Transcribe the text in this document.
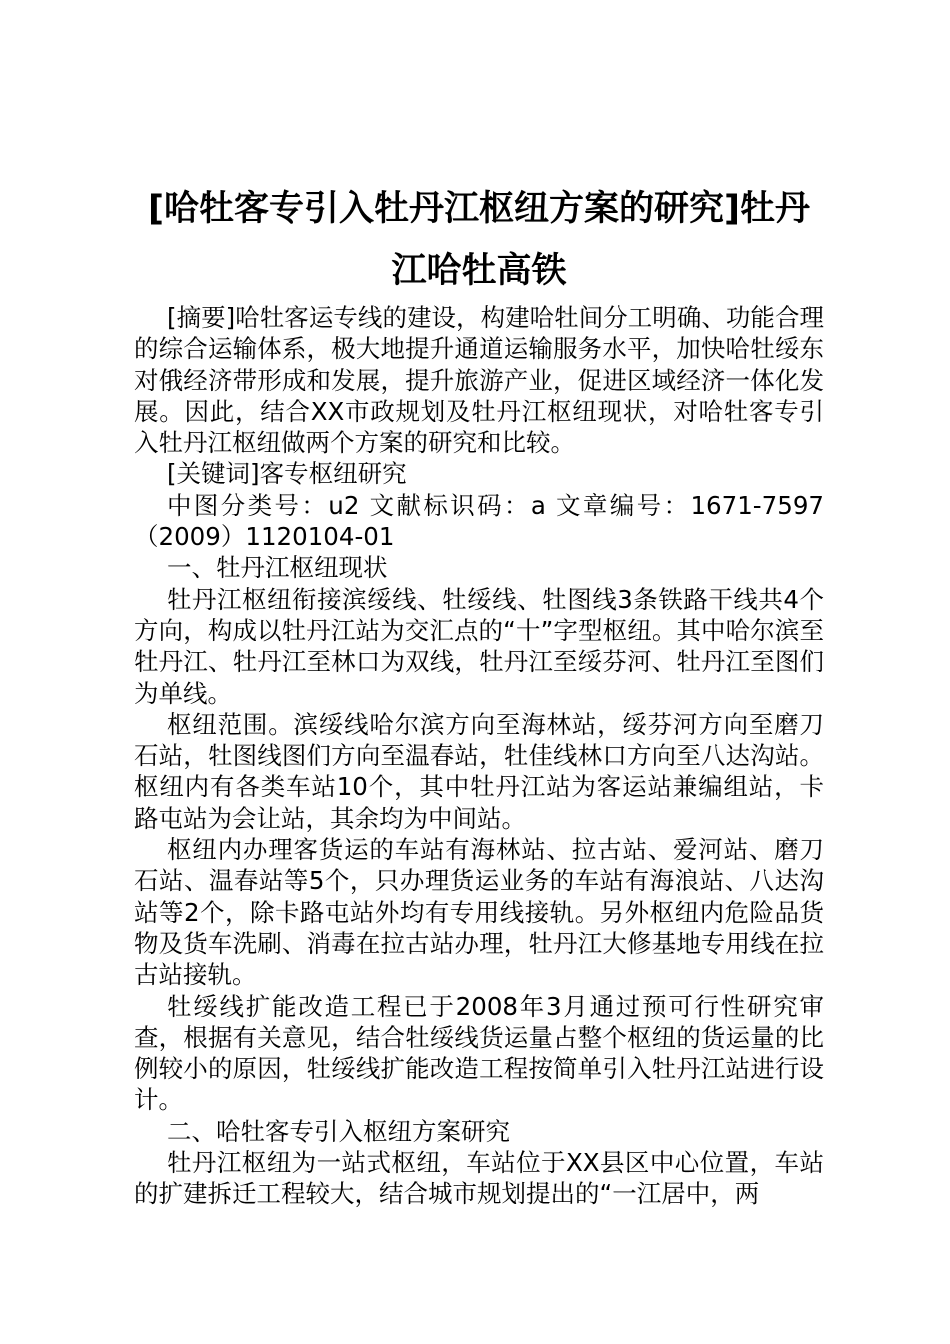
[哈牡客专引入牡丹江枢纽方案的研究]牡丹江哈牡高铁

[摘要]哈牡客运专线的建设，构建哈牡间分工明确、功能合理的综合运输体系，极大地提升通道运输服务水平，加快哈牡绥东对俄经济带形成和发展，提升旅游产业，促进区域经济一体化发展。因此，结合XX市政规划及牡丹江枢纽现状，对哈牡客专引入牡丹江枢纽做两个方案的研究和比较。

[关键词]客专枢纽研究

中图分类号：u2 文献标识码：a 文章编号：1671-7597（2009）1120104-01

一、牡丹江枢纽现状

牡丹江枢纽衔接滨绥线、牡绥线、牡图线3条铁路干线共4个方向，构成以牡丹江站为交汇点的“十”字型枢纽。其中哈尔滨至牡丹江、牡丹江至林口为双线，牡丹江至绥芬河、牡丹江至图们为单线。

枢纽范围。滨绥线哈尔滨方向至海林站，绥芬河方向至磨刀石站，牡图线图们方向至温春站，牡佳线林口方向至八达沟站。枢纽内有各类车站10个，其中牡丹江站为客运站兼编组站，卡路屯站为会让站，其余均为中间站。

枢纽内办理客货运的车站有海林站、拉古站、爱河站、磨刀石站、温春站等5个，只办理货运业务的车站有海浪站、八达沟站等2个，除卡路屯站外均有专用线接轨。另外枢纽内危险品货物及货车洗刷、消毒在拉古站办理，牡丹江大修基地专用线在拉古站接轨。

牡绥线扩能改造工程已于2008年3月通过预可行性研究审查，根据有关意见，结合牡绥线货运量占整个枢纽的货运量的比例较小的原因，牡绥线扩能改造工程按简单引入牡丹江站进行设计。

二、哈牡客专引入枢纽方案研究

牡丹江枢纽为一站式枢纽，车站位于XX县区中心位置，车站的扩建拆迁工程较大，结合城市规划提出的“一江居中，两
